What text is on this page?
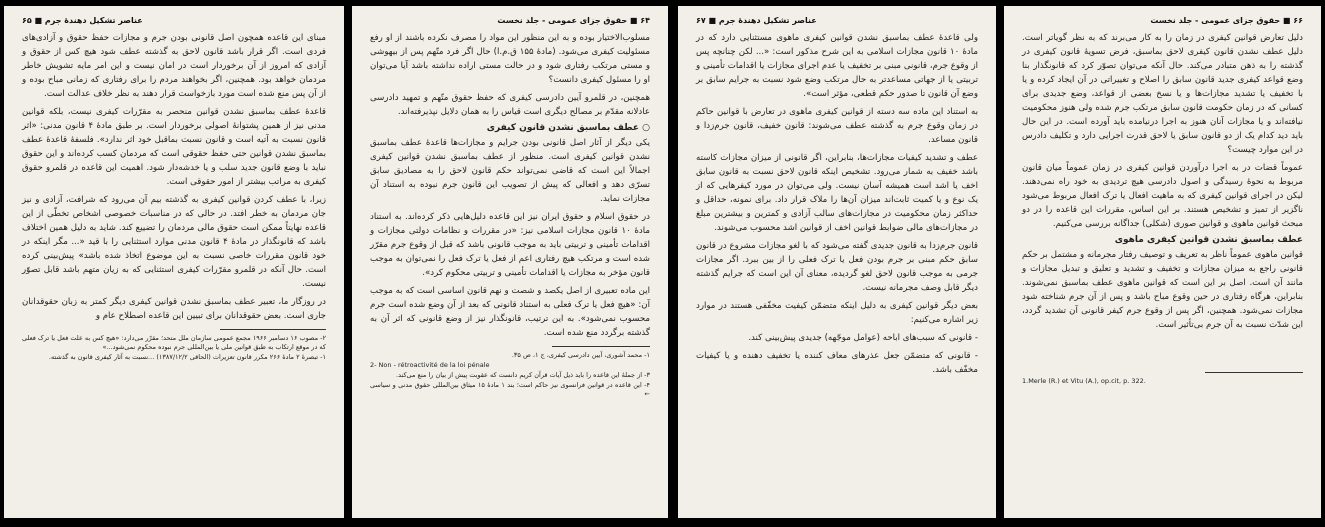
عناصر تشکیل دهندۀ جرم ■ ۶۵

مبنای این قاعده همچون اصل قانونی بودن جرم و مجازات حفظ حقوق و آزادی‌های فردی است. اگر قرار باشد قانون لاحق به گذشته عطف شود هیچ کس از حقوق و آزادی که امروز از آن برخوردار است در امان نیست و این امر مایه تشویش خاطر مردمان خواهد بود. همچنین، اگر بخواهند مردم را برای رفتاری که زمانی مباح بوده و از آن پس منع شده است مورد بازخواست قرار دهند به نظر خلاف عدالت است.

قاعدۀ عطف بماسبق نشدن قوانین منحصر به مقرّرات کیفری نیست، بلکه قوانین مدنی نیز از همین پشتوانۀ اصولی برخوردار است. بر طبق مادۀ ۴ قانون مدنی: «اثر قانون نسبت به آتیه است و قانون نسبت بماقبل خود اثر ندارد». فلسفۀ قاعدۀ عطف بماسبق نشدن قوانین حتی حفظ حقوقی است که مردمان کسب کرده‌اند و این حقوق نباید با وضع قانون جدید سلب و یا خدشه‌دار شود. اهمیت این قاعده در قلمرو حقوق کیفری به مراتب بیشتر از امور حقوقی است.

زیرا، با عطف کردن قوانین کیفری به گذشته بیم آن می‌رود که شرافت، آزادی و نیز جان مردمان به خطر افتد. در حالی که در مناسبات خصوصی اشخاص تخطّی از این قاعده نهایتاً ممکن است حقوق مالی مردمان را تضییع کند. شاید به دلیل همین اختلاف باشد که قانونگذار در مادۀ ۴ قانون مدنی موارد استثنایی را با قید «... مگر اینکه در خود قانون مقررات خاصی نسبت به این موضوع اتخاذ شده باشد» پیش‌بینی کرده است. حال آنکه در قلمرو مقرّرات کیفری استثنایی که به زیان متهم باشد قابل تصوّر نیست.

در روزگار ما، تعبیر عطف بماسبق نشدن قوانین کیفری دیگر کمتر به زبان حقوقدانان جاری است. بعض حقوقدانان برای تبیین این قاعده اصطلاح عام و

۲- مصوب ۱۶ دسامبر ۱۹۶۶ مجمع عمومی سازمان ملل متحد؛ مقرّر می‌دارد: «هیچ کس به علت فعل یا ترک فعلی که در موقع ارتکاب به طبق قوانین ملی یا بین‌المللی جرم نبوده محکوم نمی‌شود...»

۱- تبصرۀ ۲ مادۀ ۲۶۶ مکرر قانون تعزیرات (الحاقی ۱۳۸۷/۱۲/۲) ...نسبت به آثار کیفری قانون به گذشته.

۶۴ ■ حقوق جزای عمومی - جلد نخست

مسلوب‌الاختیار بوده و به این منظور این مواد را مصرف نکرده باشند از او رفع مسئولیت کیفری می‌شود. (مادۀ ۱۵۵ ق.م.ا) حال اگر فرد متّهم پس از بیهوشی و مستی مرتکب رفتاری شود و در حالت مستی اراده نداشته باشد آیا می‌توان او را مسئول کیفری دانست؟

همچنین، در قلمرو آیین دادرسی کیفری که حفظ حقوق متّهم و تمهید دادرسی عادلانه مقدّم بر مصالح دیگری است قیاس را به همان دلایل نپذیرفته‌اند.

○ عطف بماسبق نشدن قانون کیفری

یکی دیگر از آثار اصل قانونی بودن جرایم و مجازات‌ها قاعدۀ عطف بماسبق نشدن قوانین کیفری است. منظور از عطف بماسبق نشدن قوانین کیفری اجمالاً این است که قاضی نمی‌تواند حکم قانون لاحق را به مصادیق سابق تسرّی دهد و افعالی که پیش از تصویب این قانون جرم نبوده به استناد آن مجازات نماید.

در حقوق اسلام و حقوق ایران نیز این قاعده دلیل‌هایی ذکر کرده‌اند. به استناد مادۀ ۱۰ قانون مجازات اسلامی نیز: «در مقررات و نظامات دولتی مجازات و اقدامات تأمینی و تربیتی باید به موجب قانونی باشد که قبل از وقوع جرم مقرّر شده است و مرتکب هیچ رفتاری اعم از فعل یا ترک فعل را نمی‌توان به موجب قانون مؤخر به مجازات یا اقدامات تأمینی و تربیتی محکوم کرد».

این ماده تعبیری از اصل یکصد و شصت و نهم قانون اساسی است که به موجب آن: «هیچ فعل یا ترک فعلی به استناد قانونی که بعد از آن وضع شده است جرم محسوب نمی‌شود». به این ترتیب، قانونگذار نیز از وضع قانونی که اثر آن به گذشته برگردد منع شده است.

۱- محمد آشوری، آیین دادرسی کیفری، ج ۱، ص ۳۵.

2- Non - rétroactivité de la loi pénale

۳- از جملۀ این قاعده را باید ذیل آیات قرآن کریم دانست که عقوبت پیش از بیان را منع می‌کند.

۴- این قاعده در قوانین فرانسوی نیز حاکم است؛ بند ۱ مادۀ ۱۵ میثاق بین‌المللی حقوق مدنی و سیاسی ←

عناصر تشکیل دهندۀ جرم ■ ۶۷

ولی قاعدۀ عطف بماسبق نشدن قوانین کیفری ماهوی مستثنایی دارد که در مادۀ ۱۰ قانون مجازات اسلامی به این شرح مذکور است: «... لکن چنانچه پس از وقوع جرم، قانونی مبنی بر تخفیف یا عدم اجرای مجازات یا اقدامات تأمینی و تربیتی یا از جهاتی مساعدتر به حال مرتکب وضع شود نسبت به جرایم سابق بر وضع آن قانون تا صدور حکم قطعی، مؤثر است».

به استناد این ماده سه دسته از قوانین کیفری ماهوی در تعارض با قوانین حاکم در زمان وقوع جرم به گذشته عطف می‌شوند: قانون خفیف، قانون جرم‌زدا و قانون مساعد.

عطف و تشدید کیفیات مجازات‌ها، بنابراین، اگر قانونی از میزان مجازات کاسته باشد خفیف به شمار می‌رود. تشخیص اینکه قانون لاحق نسبت به قانون سابق اخف یا اشد است همیشه آسان نیست. ولی می‌توان در مورد کیفرهایی که از یک نوع و یا کمیت ثابت‌اند میزان آن‌ها را ملاک قرار داد. برای نمونه، حداقل و حداکثر زمان محکومیت در مجازات‌های سالب آزادی و کمترین و بیشترین مبلغ در مجازات‌های مالی ضوابط قوانین اخف از قوانین اشد محسوب می‌شوند.

قانون جرم‌زدا به قانون جدیدی گفته می‌شود که با لغو مجازات مشروع در قانون سابق حکم مبنی بر جرم بودن فعل یا ترک فعلی را از بین ببرد. اگر مجازات جرمی به موجب قانون لاحق لغو گردیده، معنای آن این است که جرایم گذشته دیگر قابل وصف مجرمانه نیست.

بعض دیگر قوانین کیفری به دلیل اینکه متضمّن کیفیت مخفّفی هستند در موارد زیر اشاره می‌کنیم:

- قانونی که سبب‌های اباحه (عوامل موجّهه) جدیدی پیش‌بینی کند.

- قانونی که متضمّن جعل عذرهای معاف کننده یا تخفیف دهنده و یا کیفیات مخفّف باشد.

۶۶ ■ حقوق جزای عمومی - جلد نخست

دلیل تعارض قوانین کیفری در زمان را به کار می‌برند که به نظر گویاتر است. دلیل عطف نشدن قانون کیفری لاحق بماسبق، فرض تسویۀ قانون کیفری در گذشته را به ذهن متبادر می‌کند. حال آنکه می‌توان تصوّر کرد که قانونگذار بنا وضع قواعد کیفری جدید قانون سابق را اصلاح و تغییراتی در آن ایجاد کرده و یا با تخفیف یا تشدید مجازات‌ها و یا نسخ بعضی از قواعد، وضع جدیدی برای کسانی که در زمان حکومت قانون سابق مرتکب جرم شده ولی هنوز محکومیت نیافته‌اند و یا مجازات آنان هنوز به اجرا درنیامده باید آورده است. در این حال باید دید کدام یک از دو قانون سابق یا لاحق قدرت اجرایی دارد و تکلیف دادرس در این موارد چیست؟

عموماً قضات در به اجرا درآوردن قوانین کیفری در زمان عموماً میان قانون مربوط به نحوۀ رسیدگی و اصول دادرسی هیچ تردیدی به خود راه نمی‌دهند. لیکن در اجرای قوانین کیفری که به ماهیت افعال یا ترک افعال مربوط می‌شود ناگزیر از تمیز و تشخیص هستند. بر این اساس، مقررات این قاعده را در دو مبحث قوانین ماهوی و قوانین صوری (شکلی) جداگانه بررسی می‌کنیم.

عطف بماسبق نشدن قوانین کیفری ماهوی

قوانین ماهوی عموماً ناظر به تعریف و توصیف رفتار مجرمانه و مشتمل بر حکم قانونی راجع به میزان مجازات و تخفیف و تشدید و تعلیق و تبدیل مجازات و مانند آن است. اصل بر این است که قوانین ماهوی عطف بماسبق نمی‌شوند. بنابراین، هرگاه رفتاری در حین وقوع مباح باشد و پس از آن جرم شناخته شود مجازات نمی‌شود. همچنین، اگر پس از وقوع جرم کیفر قانونی آن تشدید گردد، این شدّت نسبت به آن جرم بی‌تأثیر است.

1.Merle (R.) et Vitu (A.), op.cit, p. 322.
